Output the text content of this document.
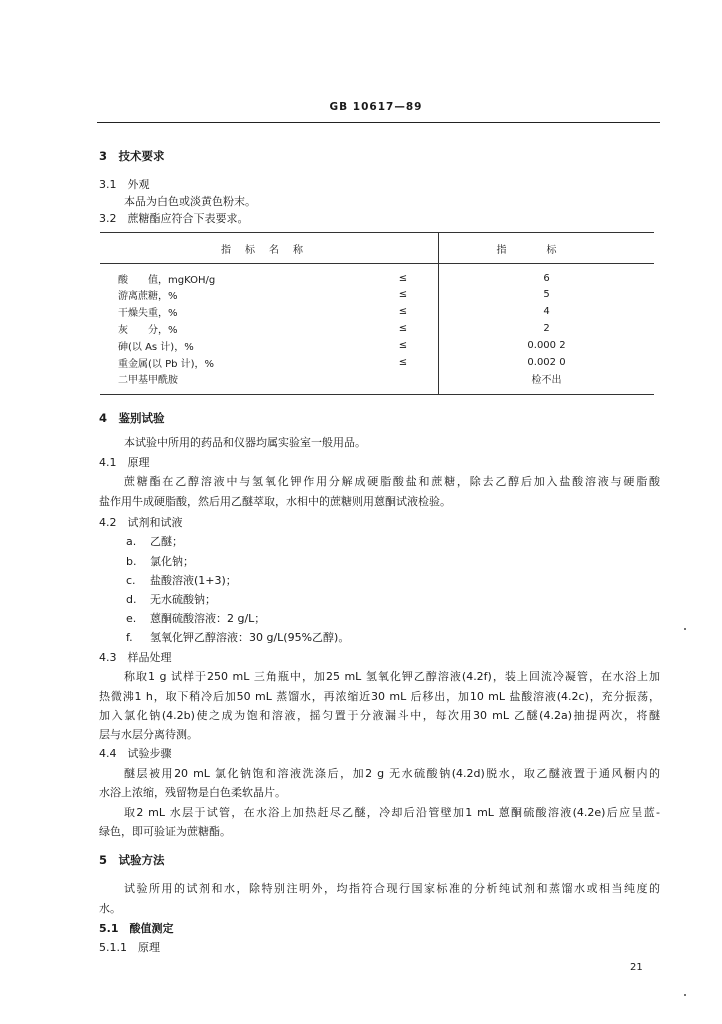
GB 10617—89
3　技术要求
3.1　外观
本品为白色或淡黄色粉末。
3.2　蔗糖酯应符合下表要求。
指标名称		指标
酸　　值，mgKOH/g	≤	6
游离蔗糖，%	≤	5
干燥失重，%	≤	4
灰　　分，%	≤	2
砷(以 As 计)，%	≤	0.000 2
重金属(以 Pb 计)，%	≤	0.002 0
二甲基甲酰胺		检不出
4　鉴别试验
本试验中所用的药品和仪器均属实验室一般用品。
4.1　原理
蔗糖酯在乙醇溶液中与氢氧化钾作用分解成硬脂酸盐和蔗糖，除去乙醇后加入盐酸溶液与硬脂酸
盐作用牛成硬脂酸，然后用乙醚萃取，水相中的蔗糖则用蒽酮试液检验。
4.2　试剂和试液
a. 乙醚；
b. 氯化钠；
c. 盐酸溶液(1+3)；
d. 无水硫酸钠；
e. 蒽酮硫酸溶液：2 g/L；
f. 氢氧化钾乙醇溶液：30 g/L(95%乙醇)。
4.3　样品处理
称取1 g 试样于250 mL 三角瓶中，加25 mL 氢氧化钾乙醇溶液(4.2f)，装上回流冷凝管，在水浴上加
热微沸1 h，取下稍冷后加50 mL 蒸馏水，再浓缩近30 mL 后移出，加10 mL 盐酸溶液(4.2c)，充分振荡，
加入氯化钠(4.2b)使之成为饱和溶液，摇匀置于分液漏斗中，每次用30 mL 乙醚(4.2a)抽提两次，将醚
层与水层分离待测。
4.4　试验步骤
醚层被用20 mL 氯化钠饱和溶液洗涤后，加2 g 无水硫酸钠(4.2d)脱水，取乙醚液置于通风橱内的
水浴上浓缩，残留物是白色柔软晶片。
取2 mL 水层于试管，在水浴上加热赶尽乙醚，冷却后沿管壁加1 mL 蒽酮硫酸溶液(4.2e)后应呈蓝-
绿色，即可验证为蔗糖酯。
5　试验方法
试验所用的试剂和水，除特别注明外，均指符合现行国家标准的分析纯试剂和蒸馏水或相当纯度的
水。
5.1　酸值测定
5.1.1　原理
21
